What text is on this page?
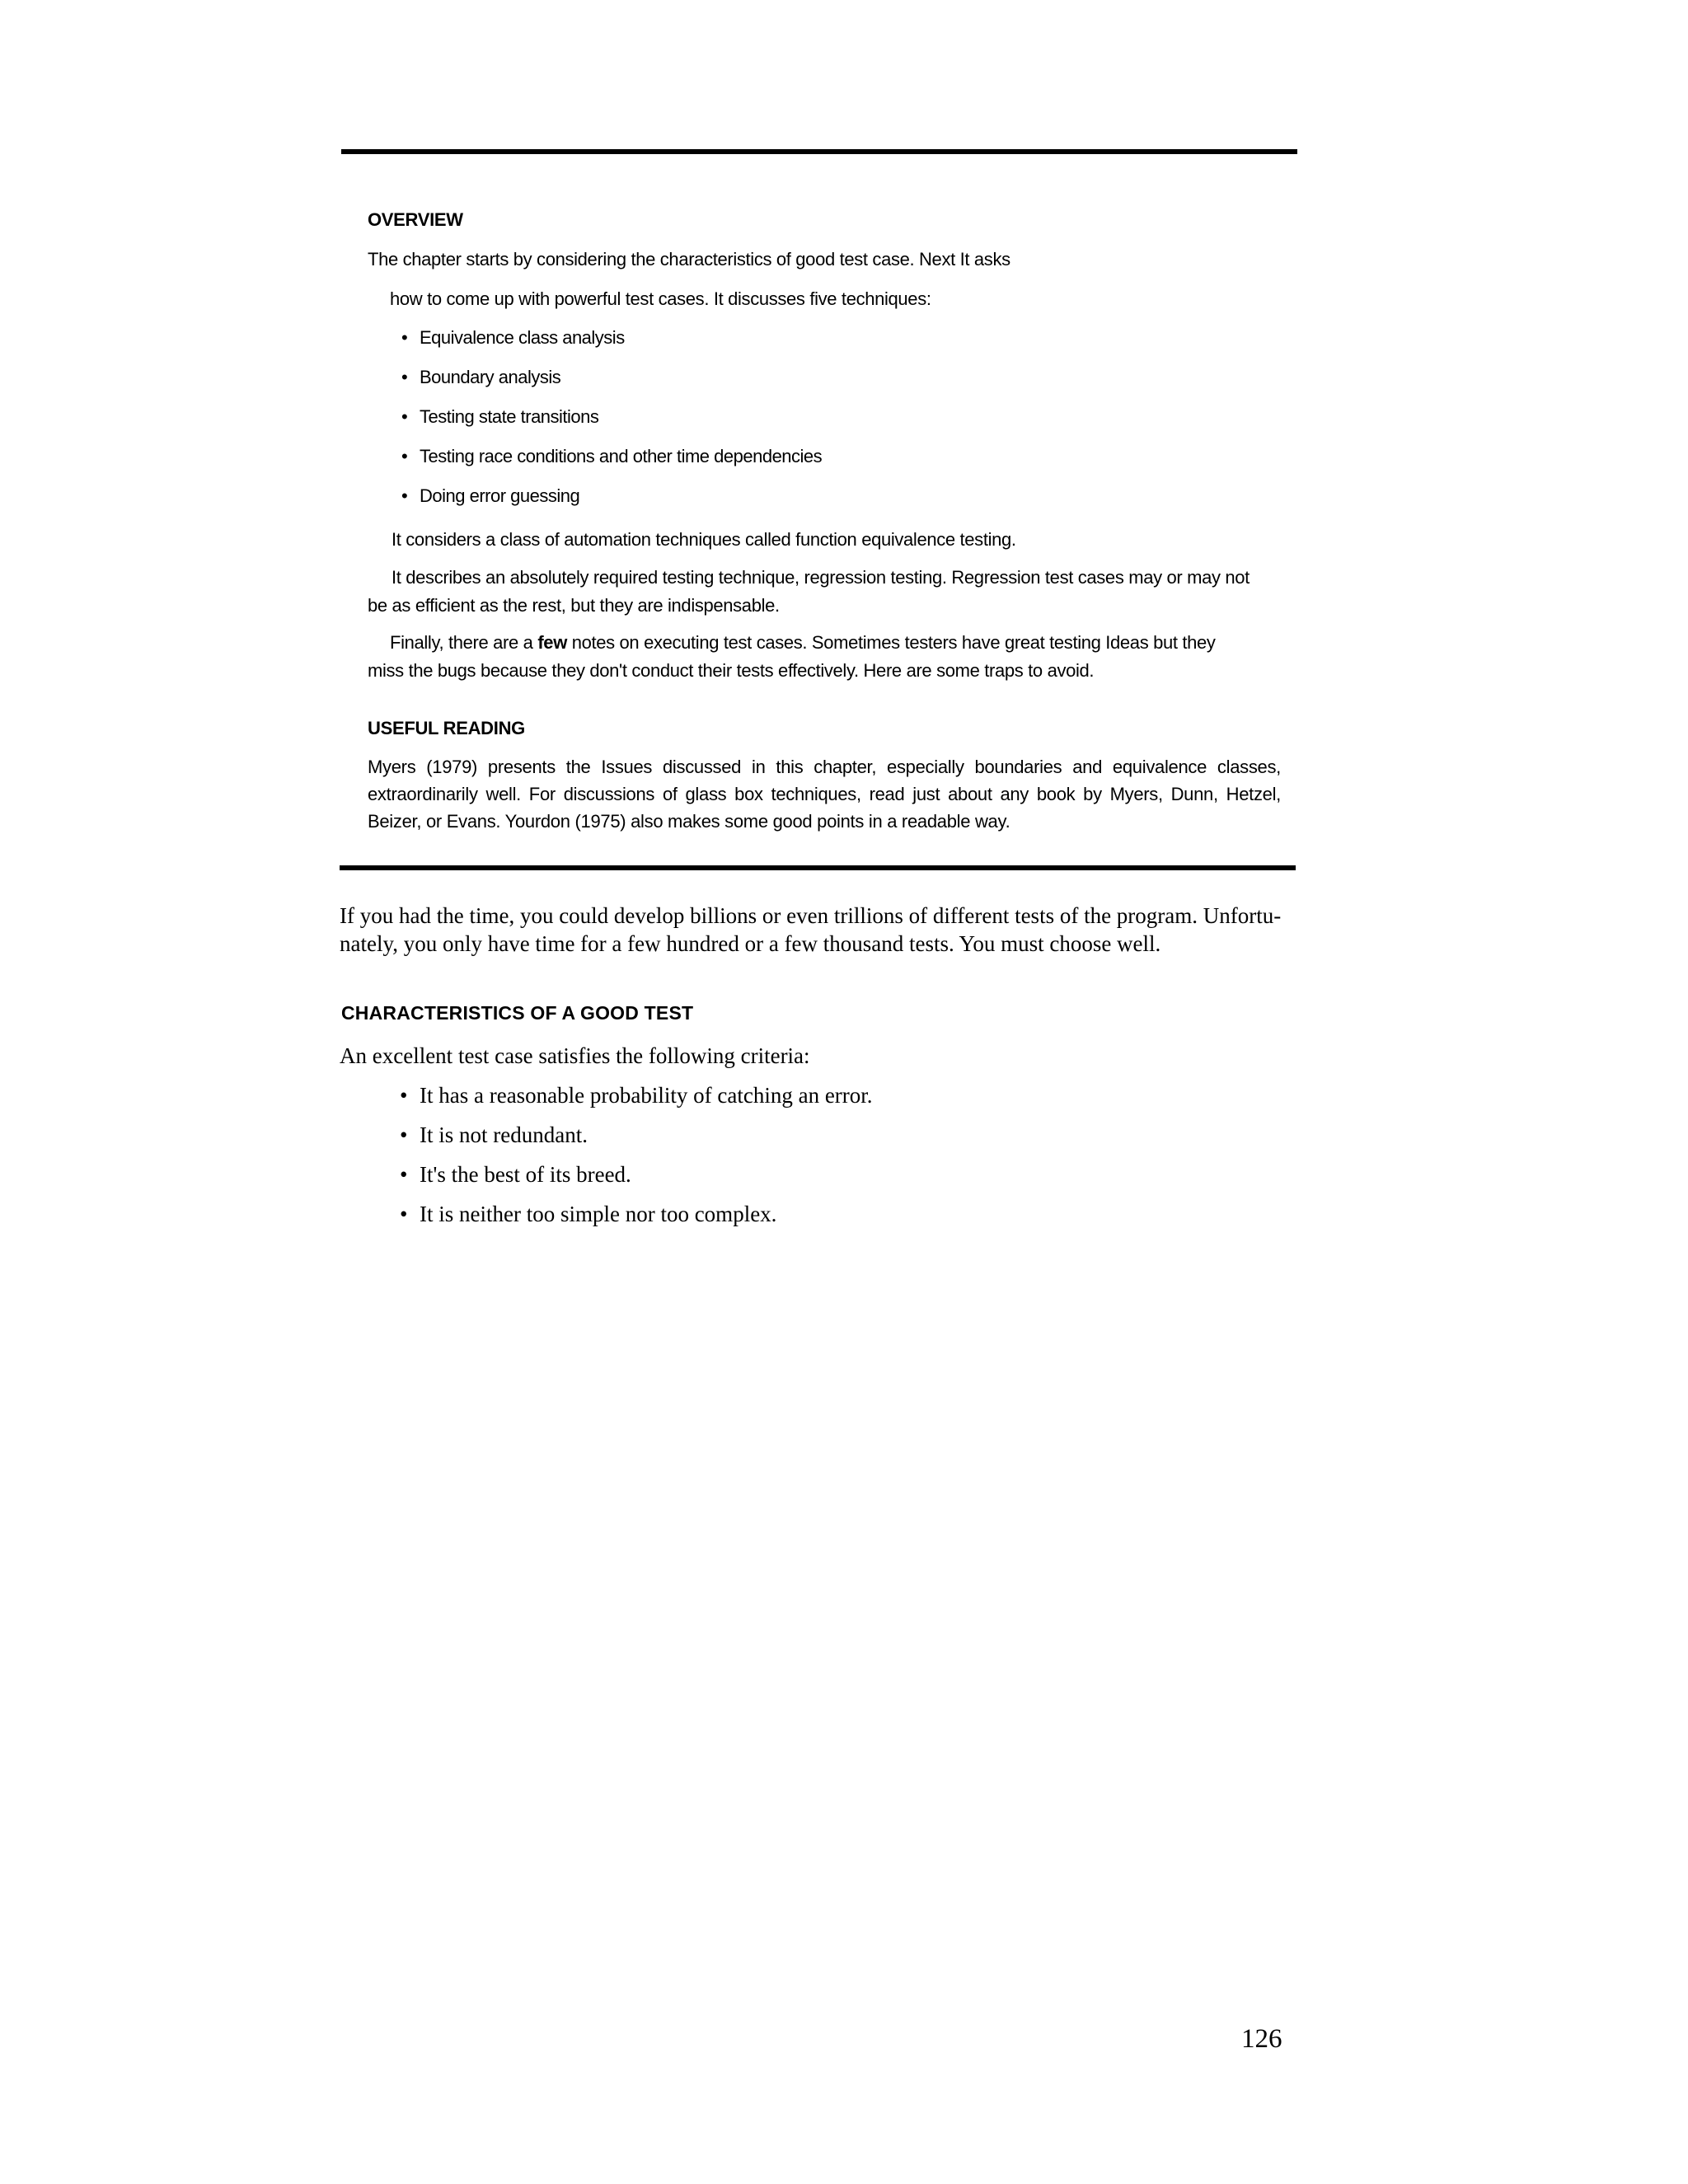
OVERVIEW
The chapter starts by considering the characteristics of good test case. Next It asks
how to come up with powerful test cases. It discusses five techniques:
• Equivalence class analysis
• Boundary analysis
• Testing state transitions
• Testing race conditions and other time dependencies
• Doing error guessing
It considers a class of automation techniques called function equivalence testing.
It describes an absolutely required testing technique, regression testing. Regression test cases may or may not
be as efficient as the rest, but they are indispensable.
Finally, there are a few notes on executing test cases. Sometimes testers have great testing Ideas but they
miss the bugs because they don't conduct their tests effectively. Here are some traps to avoid.
USEFUL READING
Myers (1979) presents the Issues discussed in this chapter, especially boundaries and equivalence classes,
extraordinarily well. For discussions of glass box techniques, read just about any book by Myers, Dunn, Hetzel,
Beizer, or Evans. Yourdon (1975) also makes some good points in a readable way.
If you had the time, you could develop billions or even trillions of different tests of the program. Unfortu-
nately, you only have time for a few hundred or a few thousand tests. You must choose well.
CHARACTERISTICS OF A GOOD TEST
An excellent test case satisfies the following criteria:
• It has a reasonable probability of catching an error.
• It is not redundant.
• It's the best of its breed.
• It is neither too simple nor too complex.
126
